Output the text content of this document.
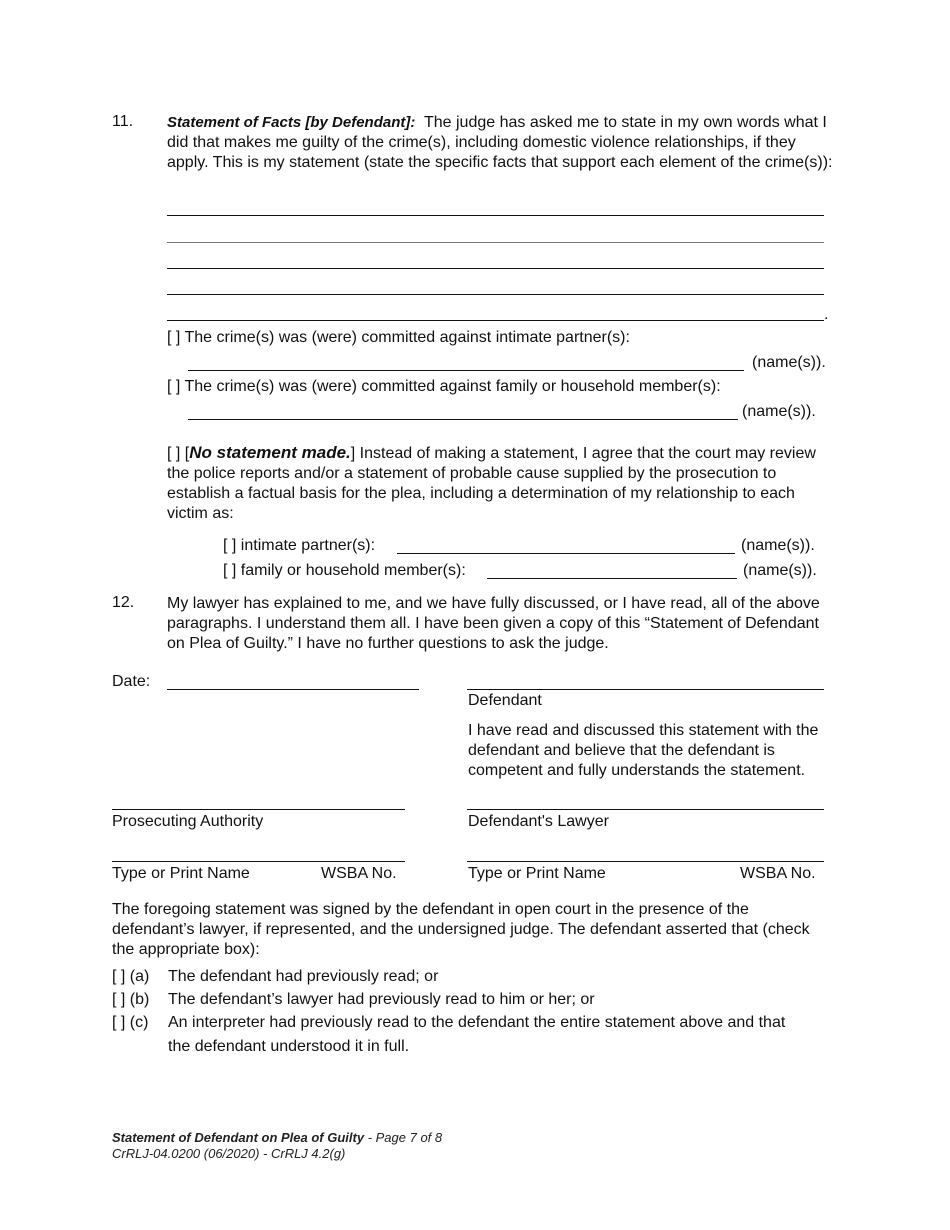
11. Statement of Facts [by Defendant]: The judge has asked me to state in my own words what I did that makes me guilty of the crime(s), including domestic violence relationships, if they apply. This is my statement (state the specific facts that support each element of the crime(s)):
.
[ ] The crime(s) was (were) committed against intimate partner(s):
(name(s)).
[ ] The crime(s) was (were) committed against family or household member(s):
(name(s)).
[ ] [No statement made.] Instead of making a statement, I agree that the court may review the police reports and/or a statement of probable cause supplied by the prosecution to establish a factual basis for the plea, including a determination of my relationship to each victim as:
[ ] intimate partner(s):	(name(s)).
[ ] family or household member(s):	(name(s)).
12. My lawyer has explained to me, and we have fully discussed, or I have read, all of the above paragraphs. I understand them all. I have been given a copy of this “Statement of Defendant on Plea of Guilty.” I have no further questions to ask the judge.
Date:
Defendant
I have read and discussed this statement with the defendant and believe that the defendant is competent and fully understands the statement.
Prosecuting Authority	Defendant's Lawyer
Type or Print Name	WSBA No.	Type or Print Name	WSBA No.
The foregoing statement was signed by the defendant in open court in the presence of the defendant’s lawyer, if represented, and the undersigned judge. The defendant asserted that (check the appropriate box):
[ ] (a) The defendant had previously read; or
[ ] (b) The defendant’s lawyer had previously read to him or her; or
[ ] (c) An interpreter had previously read to the defendant the entire statement above and that
the defendant understood it in full.
Statement of Defendant on Plea of Guilty - Page 7 of 8
CrRLJ-04.0200 (06/2020) - CrRLJ 4.2(g)
